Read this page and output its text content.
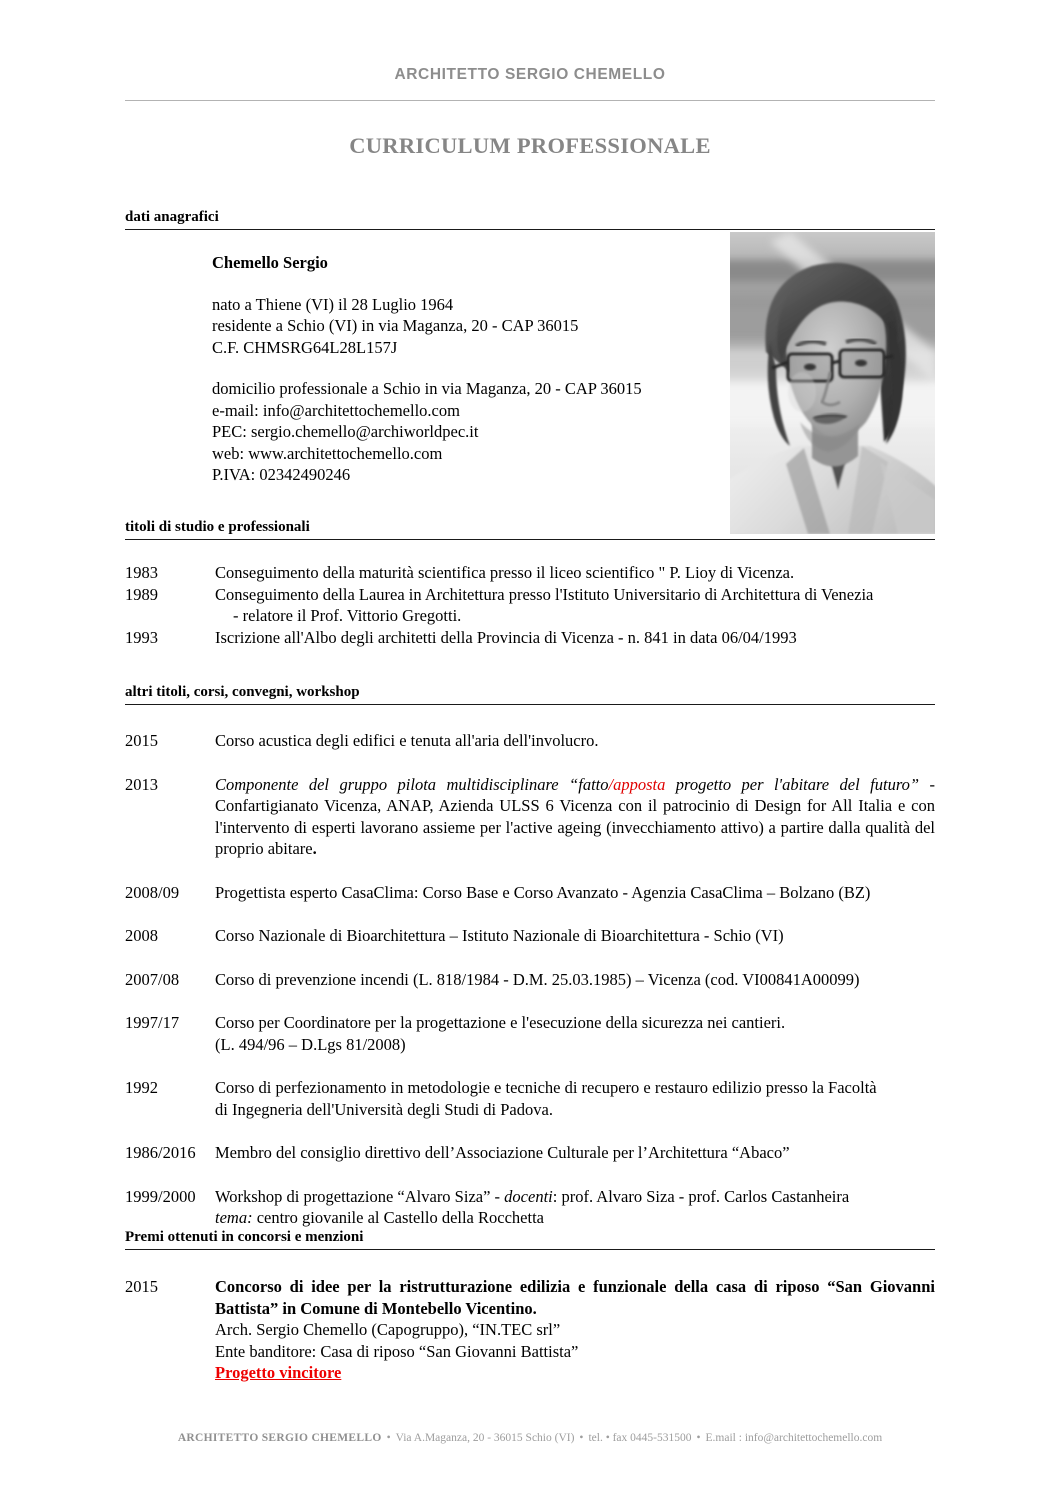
ARCHITETTO SERGIO CHEMELLO
CURRICULUM PROFESSIONALE
dati anagrafici
Chemello Sergio
nato a Thiene (VI) il 28 Luglio 1964
residente a Schio (VI) in via Maganza, 20 - CAP 36015
C.F. CHMSRG64L28L157J
domicilio professionale a Schio in via Maganza, 20 - CAP 36015
e-mail: info@architettochemello.com
PEC: sergio.chemello@archiworldpec.it
web: www.architettochemello.com
P.IVA: 02342490246
titoli di studio e professionali
1983	Conseguimento della maturità scientifica presso il liceo scientifico " P. Lioy di Vicenza.

1989	Conseguimento della Laurea in Architettura presso l'Istituto Universitario di Architettura di Venezia

- relatore il Prof. Vittorio Gregotti.

1993	Iscrizione all'Albo degli architetti della Provincia di Vicenza - n. 841 in data 06/04/1993

altri titoli, corsi, convegni, workshop
2015	Corso acustica degli edifici e tenuta all'aria dell'involucro.

2013	Componente del gruppo pilota multidisciplinare “fatto/apposta progetto per l'abitare del futuro” - Confartigianato Vicenza, ANAP, Azienda ULSS 6 Vicenza con il patrocinio di Design for All Italia e con l'intervento di esperti lavorano assieme per l'active ageing (invecchiamento attivo) a partire dalla qualità del proprio abitare.

2008/09	Progettista esperto CasaClima: Corso Base e Corso Avanzato - Agenzia CasaClima – Bolzano (BZ)

2008	Corso Nazionale di Bioarchitettura – Istituto Nazionale di Bioarchitettura - Schio (VI)

2007/08	Corso di prevenzione incendi (L. 818/1984 - D.M. 25.03.1985) – Vicenza (cod. VI00841A00099)

1997/17	Corso per Coordinatore per la progettazione e l'esecuzione della sicurezza nei cantieri.

(L. 494/96 – D.Lgs 81/2008)

1992	Corso di perfezionamento in metodologie e tecniche di recupero e restauro edilizio presso la Facoltà

di Ingegneria dell'Università degli Studi di Padova.

1986/2016	Membro del consiglio direttivo dell’Associazione Culturale per l’Architettura “Abaco”

1999/2000	Workshop di progettazione “Alvaro Siza” - docenti: prof. Alvaro Siza - prof. Carlos Castanheira

tema: centro giovanile al Castello della Rocchetta

Premi ottenuti in concorsi e menzioni
2015	Concorso di idee per la ristrutturazione edilizia e funzionale della casa di riposo “San Giovanni Battista” in Comune di Montebello Vicentino.

Arch. Sergio Chemello (Capogruppo), “IN.TEC srl”

Ente banditore: Casa di riposo “San Giovanni Battista”

Progetto vincitore

ARCHITETTO SERGIO CHEMELLO • Via A.Maganza, 20 - 36015 Schio (VI) • tel. • fax 0445-531500 • E.mail : info@architettochemello.com
